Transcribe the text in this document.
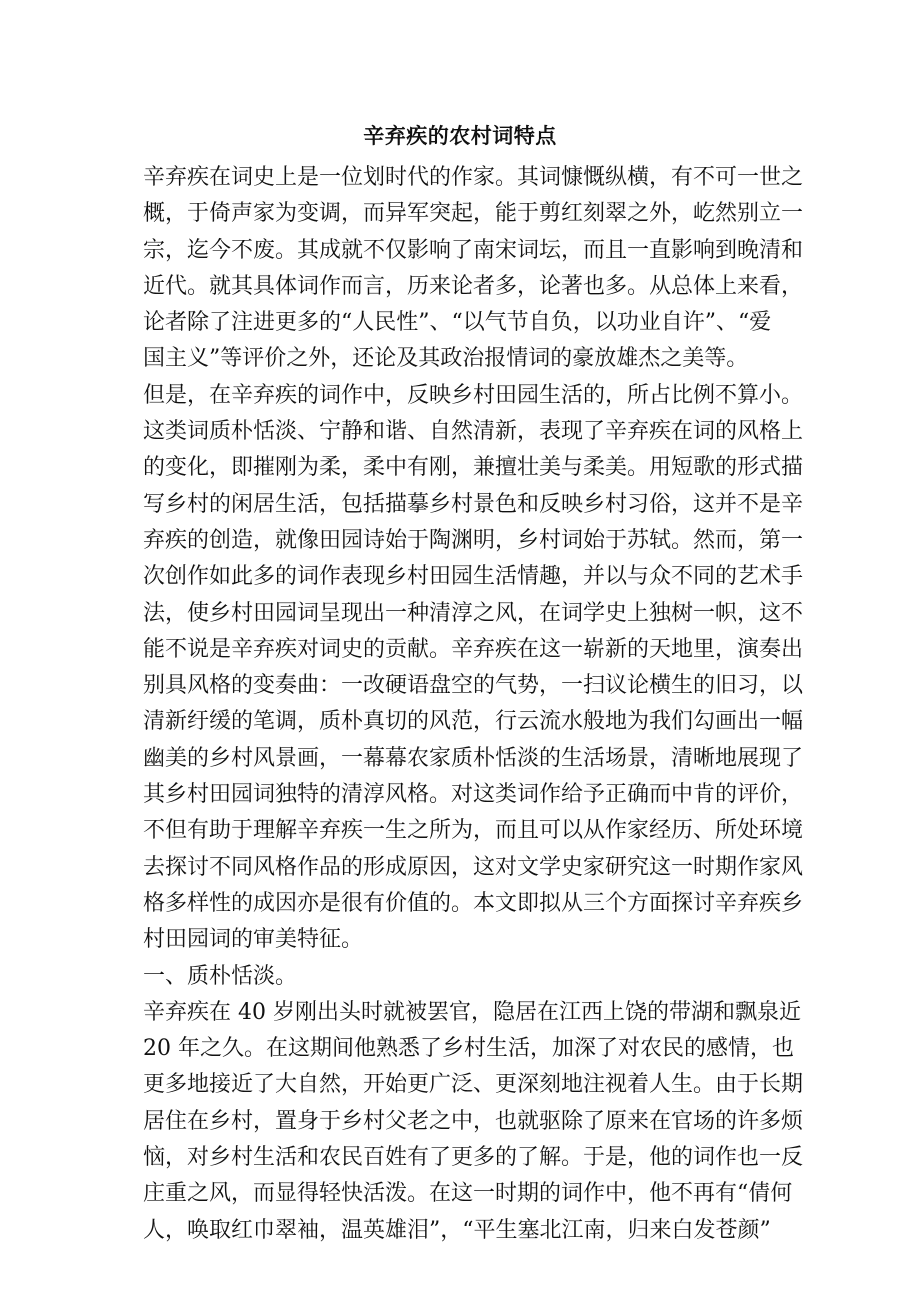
辛弃疾的农村词特点
辛弃疾在词史上是一位划时代的作家。其词慷慨纵横，有不可一世之
概，于倚声家为变调，而异军突起，能于剪红刻翠之外，屹然别立一
宗，迄今不废。其成就不仅影响了南宋词坛，而且一直影响到晚清和
近代。就其具体词作而言，历来论者多，论著也多。从总体上来看，
论者除了注进更多的“人民性”、“以气节自负，以功业自许”、“爱
国主义”等评价之外，还论及其政治报情词的豪放雄杰之美等。
但是，在辛弃疾的词作中，反映乡村田园生活的，所占比例不算小。
这类词质朴恬淡、宁静和谐、自然清新，表现了辛弃疾在词的风格上
的变化，即摧刚为柔，柔中有刚，兼擅壮美与柔美。用短歌的形式描
写乡村的闲居生活，包括描摹乡村景色和反映乡村习俗，这并不是辛
弃疾的创造，就像田园诗始于陶渊明，乡村词始于苏轼。然而，第一
次创作如此多的词作表现乡村田园生活情趣，并以与众不同的艺术手
法，使乡村田园词呈现出一种清淳之风，在词学史上独树一帜，这不
能不说是辛弃疾对词史的贡献。辛弃疾在这一崭新的天地里，演奏出
别具风格的变奏曲：一改硬语盘空的气势，一扫议论横生的旧习，以
清新纡缓的笔调，质朴真切的风范，行云流水般地为我们勾画出一幅
幽美的乡村风景画，一幕幕农家质朴恬淡的生活场景，清晰地展现了
其乡村田园词独特的清淳风格。对这类词作给予正确而中肯的评价，
不但有助于理解辛弃疾一生之所为，而且可以从作家经历、所处环境
去探讨不同风格作品的形成原因，这对文学史家研究这一时期作家风
格多样性的成因亦是很有价值的。本文即拟从三个方面探讨辛弃疾乡
村田园词的审美特征。
一、质朴恬淡。
辛弃疾在 40 岁刚出头时就被罢官，隐居在江西上饶的带湖和飘泉近
20 年之久。在这期间他熟悉了乡村生活，加深了对农民的感情，也
更多地接近了大自然，开始更广泛、更深刻地注视着人生。由于长期
居住在乡村，置身于乡村父老之中，也就驱除了原来在官场的许多烦
恼，对乡村生活和农民百姓有了更多的了解。于是，他的词作也一反
庄重之风，而显得轻快活泼。在这一时期的词作中，他不再有“倩何
人，唤取红巾翠袖，温英雄泪”，“平生塞北江南，归来白发苍颜”
